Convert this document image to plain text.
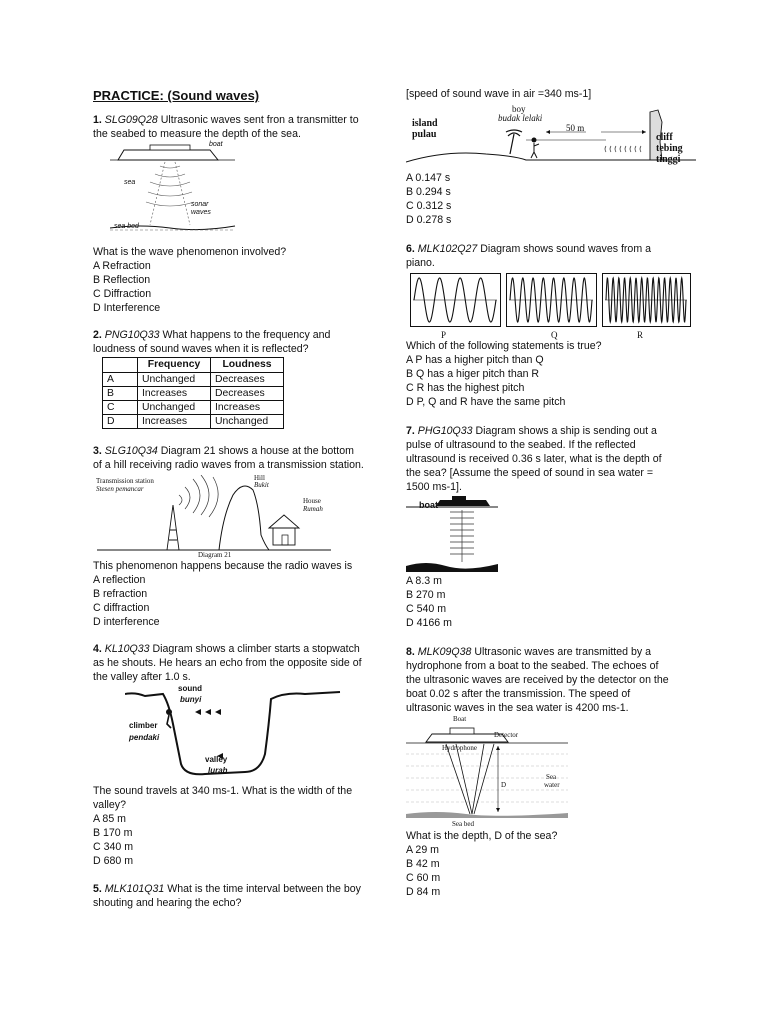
PRACTICE: (Sound waves)
1. SLG09Q28 Ultrasonic waves sent fron a transmitter to
the seabed to measure the depth of the sea.
boat
sea
sonar
waves
sea bed
What is the wave phenomenon involved?
A Refraction
B Reflection
C Diffraction
D Interference
2. PNG10Q33 What happens to the frequency and
loudness of sound waves when it is reflected?
	Frequency	Loudness
A	Unchanged	Decreases
B	Increases	Decreases
C	Unchanged	Increases
D	Increases	Unchanged
3. SLG10Q34 Diagram 21 shows a house at the bottom
of a hill receiving radio waves from a transmission station.
Transmission station
Stesen pemancar
Hill
Bukit
House
Rumah
Diagram 21
This phenomenon happens because the radio waves is
A reflection
B refraction
C diffraction
D interference
4. KL10Q33 Diagram shows a climber starts a stopwatch
as he shouts. He hears an echo from the opposite side of
the valley after 1.0 s.
sound
bunyi
climber
pendaki
valley
lurah
The sound travels at 340 ms-1. What is the width of the
valley?
A 85 m
B 170 m
C 340 m
D 680 m
5. MLK101Q31 What is the time interval between the boy
shouting and hearing the echo?
[speed of sound wave in air =340 ms-1]
island
pulau
boy
budak lelaki
50 m
cliff
tebing
tinggi
A 0.147 s
B 0.294 s
C 0.312 s
D 0.278 s
6. MLK102Q27 Diagram shows sound waves from a
piano.
P	Q	R
Which of the following statements is true?
A P has a higher pitch than Q
B Q has a higer pitch than R
C R has the highest pitch
D P, Q and R have the same pitch
7. PHG10Q33 Diagram shows a ship is sending out a
pulse of ultrasound to the seabed. If the reflected
ultrasound is received 0.36 s later, what is the depth of
the sea? [Assume the speed of sound in sea water =
1500 ms-1].
boat
A 8.3 m
B 270 m
C 540 m
D 4166 m
8. MLK09Q38 Ultrasonic waves are transmitted by a
hydrophone from a boat to the seabed. The echoes of
the ultrasonic waves are received by the detector on the
boat 0.02 s after the transmission. The speed of
ultrasonic waves in the sea water is 4200 ms-1.
Boat
Detector
Hydrophone
Sea
water
D
Sea bed
What is the depth, D of the sea?
A 29 m
B 42 m
C 60 m
D 84 m
